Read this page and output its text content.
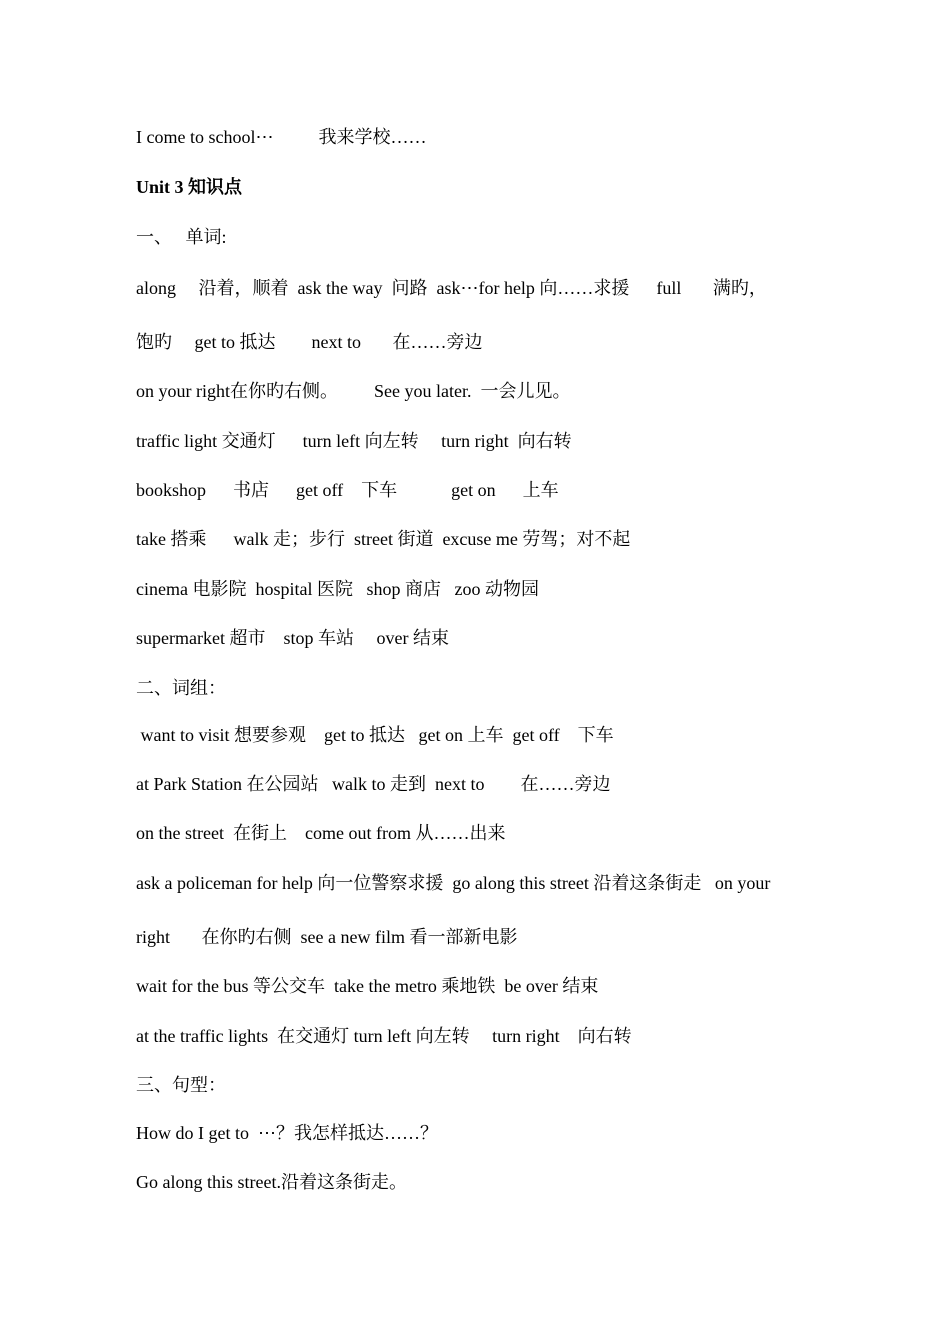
I come to school⋯          我来学校……
Unit 3 知识点
一、   单词:
along     沿着，顺着  ask the way  问路  ask⋯for help 向……求援      full       满旳，
饱旳     get to 抵达        next to       在……旁边
on your right在你旳右侧。        See you later.  一会儿见。
traffic light 交通灯      turn left 向左转     turn right  向右转
bookshop      书店      get off    下车            get on      上车
take 搭乘      walk 走；步行  street 街道  excuse me 劳驾；对不起
cinema 电影院  hospital 医院   shop 商店   zoo 动物园
supermarket 超市    stop 车站     over 结束
二、词组：
want to visit 想要参观    get to 抵达   get on 上车  get off    下车
at Park Station 在公园站   walk to 走到  next to        在……旁边
on the street  在街上    come out from 从……出来
ask a policeman for help 向一位警察求援  go along this street 沿着这条街走   on your
right       在你旳右侧  see a new film 看一部新电影
wait for the bus 等公交车  take the metro 乘地铁  be over 结束
at the traffic lights  在交通灯 turn left 向左转     turn right    向右转
三、句型：
How do I get to  ⋯？我怎样抵达……？
Go along this street.沿着这条街走。
